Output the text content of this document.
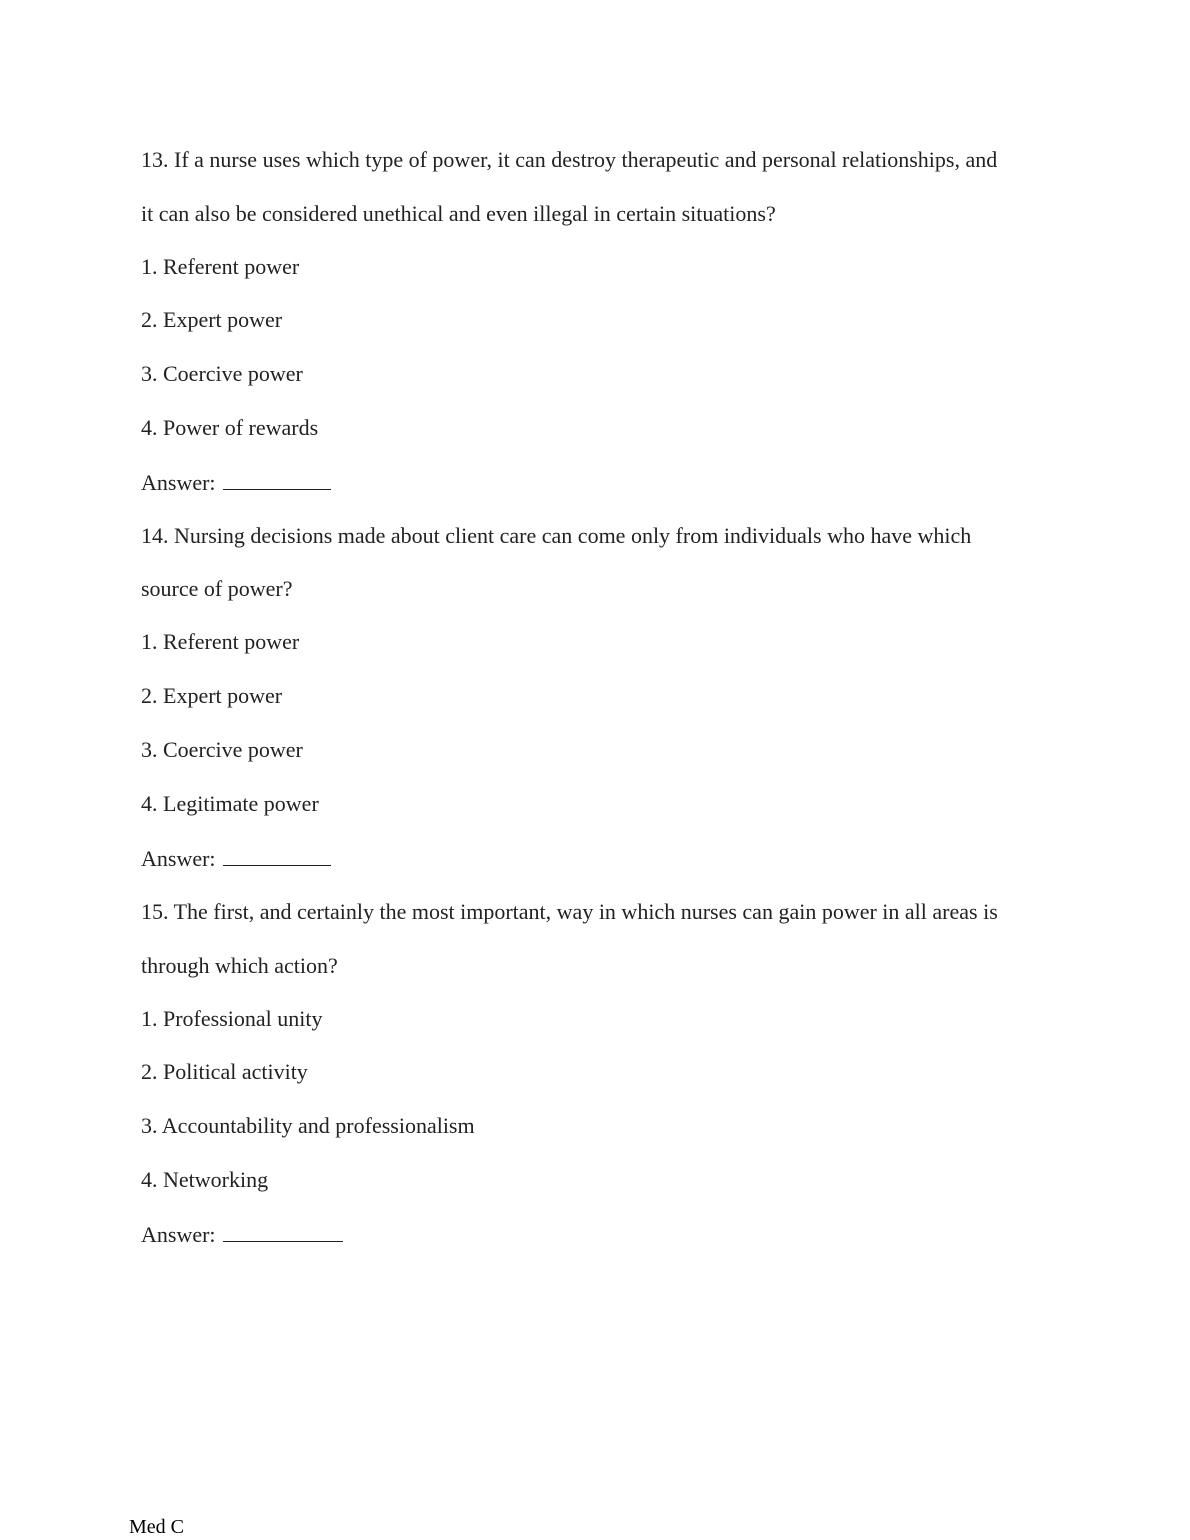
13. If a nurse uses which type of power, it can destroy therapeutic and personal relationships, and
it can also be considered unethical and even illegal in certain situations?
1. Referent power
2. Expert power
3. Coercive power
4. Power of rewards
Answer:
14. Nursing decisions made about client care can come only from individuals who have which
source of power?
1. Referent power
2. Expert power
3. Coercive power
4. Legitimate power
Answer:
15. The first, and certainly the most important, way in which nurses can gain power in all areas is
through which action?
1. Professional unity
2. Political activity
3. Accountability and professionalism
4. Networking
Answer:
Med C
